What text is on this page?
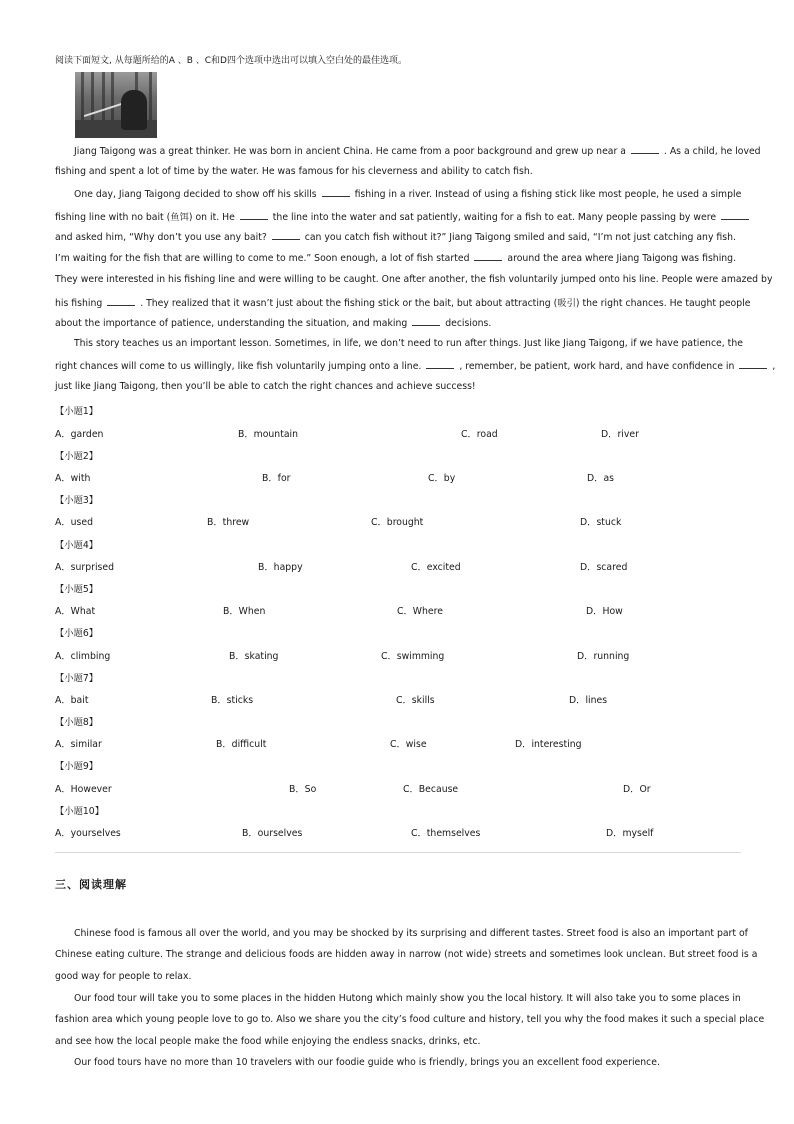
阅读下面短文, 从每题所给的A 、B 、C和D四个选项中选出可以填入空白处的最佳选项。
Jiang Taigong was a great thinker. He was born in ancient China. He came from a poor background and grew up near a	. As a child, he loved
fishing and spent a lot of time by the water. He was famous for his cleverness and ability to catch fish.
One day, Jiang Taigong decided to show off his skills	fishing in a river. Instead of using a fishing stick like most people, he used a simple
fishing line with no bait (鱼饵) on it. He	the line into the water and sat patiently, waiting for a fish to eat. Many people passing by were
and asked him, “Why don’t you use any bait?	can you catch fish without it?” Jiang Taigong smiled and said, “I’m not just catching any fish.
I’m waiting for the fish that are willing to come to me.” Soon enough, a lot of fish started	around the area where Jiang Taigong was fishing.
They were interested in his fishing line and were willing to be caught. One after another, the fish voluntarily jumped onto his line. People were amazed by
his fishing	. They realized that it wasn’t just about the fishing stick or the bait, but about attracting (吸引) the right chances. He taught people
about the importance of patience, understanding the situation, and making	decisions.
This story teaches us an important lesson. Sometimes, in life, we don’t need to run after things. Just like Jiang Taigong, if we have patience, the
right chances will come to us willingly, like fish voluntarily jumping onto a line.	, remember, be patient, work hard, and have confidence in	,
just like Jiang Taigong, then you’ll be able to catch the right chances and achieve success!
【小题1】
A．garden	B．mountain	C．road	D．river
【小题2】
A．with	B．for	C．by	D．as
【小题3】
A．used	B．threw	C．brought	D．stuck
【小题4】
A．surprised	B．happy	C．excited	D．scared
【小题5】
A．What	B．When	C．Where	D．How
【小题6】
A．climbing	B．skating	C．swimming	D．running
【小题7】
A．bait	B．sticks	C．skills	D．lines
【小题8】
A．similar	B．difficult	C．wise	D．interesting
【小题9】
A．However	B．So	C．Because	D．Or
【小题10】
A．yourselves	B．ourselves	C．themselves	D．myself
三、阅读理解
Chinese food is famous all over the world, and you may be shocked by its surprising and different tastes. Street food is also an important part of
Chinese eating culture. The strange and delicious foods are hidden away in narrow (not wide) streets and sometimes look unclean. But street food is a
good way for people to relax.
Our food tour will take you to some places in the hidden Hutong which mainly show you the local history. It will also take you to some places in
fashion area which young people love to go to. Also we share you the city’s food culture and history, tell you why the food makes it such a special place
and see how the local people make the food while enjoying the endless snacks, drinks, etc.
Our food tours have no more than 10 travelers with our foodie guide who is friendly, brings you an excellent food experience.
